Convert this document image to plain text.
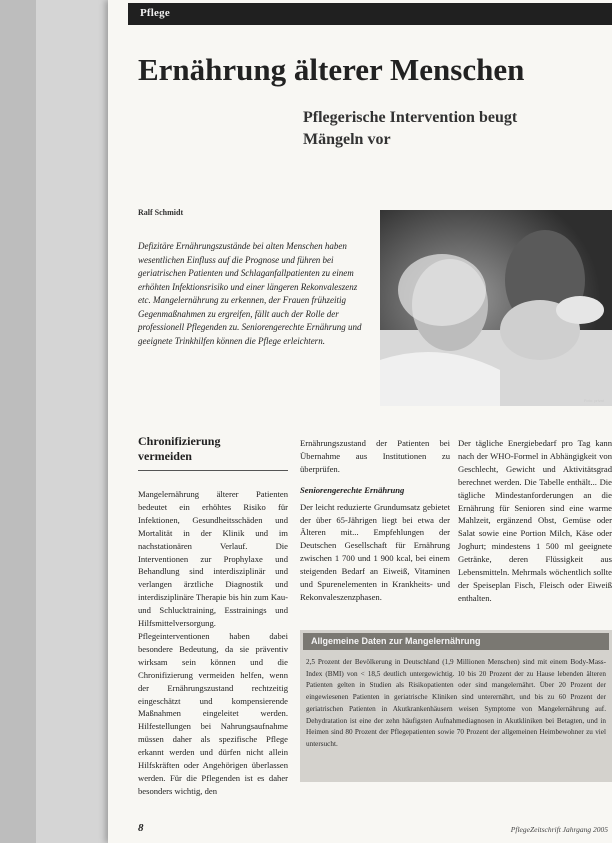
Pflege
Ernährung älterer Menschen
Pflegerische Intervention beugt
Mängeln vor
Ralf Schmidt
Defizitäre Ernährungszustände bei alten Menschen haben wesentlichen Einfluss auf die Prognose und führen bei geriatrischen Patienten und Schlaganfallpatienten zu einem erhöhten Infektionsrisiko und einer längeren Rekonvaleszenz etc. Mangelernährung zu erkennen, der Frauen frühzeitig Gegenmaßnahmen zu ergreifen, fällt auch der Rolle der professionell Pflegenden zu. Seniorengerechte Ernährung und geeignete Trinkhilfen können die Pflege erleichtern.
Foto: privat
Chronifizierung
vermeiden

Mangelernährung älterer Patienten bedeutet ein erhöhtes Risiko für Infektionen, Gesundheitsschäden und Mortalität in der Klinik und im nachstationären Verlauf. Die Interventionen zur Prophylaxe und Behandlung sind interdisziplinär und verlangen ärztliche Diagnostik und interdisziplinäre Therapie bis hin zum Kau- und Schlucktraining, Esstrainings und Hilfsmittelversorgung. Pflegeinterventionen haben dabei besondere Bedeutung, da sie präventiv wirksam sein können und die Chronifizierung vermeiden helfen, wenn der Ernährungszustand rechtzeitig eingeschätzt und kompensierende Maßnahmen eingeleitet werden. Hilfestellungen bei Nahrungsaufnahme müssen daher als spezifische Pflege erkannt werden und dürfen nicht allein Hilfskräften oder Angehörigen überlassen werden. Für die Pflegenden ist es daher besonders wichtig, den

Ernährungszustand der Patienten bei Übernahme aus Institutionen zu überprüfen.

Seniorengerechte Ernährung

Der leicht reduzierte Grundumsatz gebietet der über 65-Jährigen liegt bei etwa der Älteren mit... Empfehlungen der Deutschen Gesellschaft für Ernährung zwischen 1 700 und 1 900 kcal, bei einem steigenden Bedarf an Eiweiß, Vitaminen und Spurenelementen in Krankheits- und Rekonvaleszenzphasen.

Der tägliche Energiebedarf pro Tag kann nach der WHO-Formel in Abhängigkeit von Geschlecht, Gewicht und Aktivitätsgrad berechnet werden. Die Tabelle enthält... Die tägliche Mindestanforderungen an die Ernährung für Senioren sind eine warme Mahlzeit, ergänzend Obst, Gemüse oder Salat sowie eine Portion Milch, Käse oder Joghurt; mindestens 1 500 ml geeignete Getränke, deren Flüssigkeit aus Lebensmitteln. Mehrmals wöchentlich sollte der Speiseplan Fisch, Fleisch oder Eiweiß enthalten.

Allgemeine Daten zur Mangelernährung
2,5 Prozent der Bevölkerung in Deutschland (1,9 Millionen Menschen) sind mit einem Body-Mass-Index (BMI) von < 18,5 deutlich untergewichtig. 10 bis 20 Prozent der zu Hause lebenden älteren Patienten gelten in Studien als Risikopatienten oder sind mangelernährt. Über 20 Prozent der eingewiesenen Patienten in geriatrische Kliniken sind unterernährt, und bis zu 60 Prozent der geriatrischen Patienten in Akutkrankenhäusern weisen Symptome von Mangelernährung auf. Dehydratation ist eine der zehn häufigsten Aufnahmediagnosen in Akutkliniken bei Betagten, und in Heimen sind 80 Prozent der Pflegepatienten sowie 70 Prozent der allgemeinen Heimbewohner zu viel untersucht.
8	PflegeZeitschrift Jahrgang 2005
